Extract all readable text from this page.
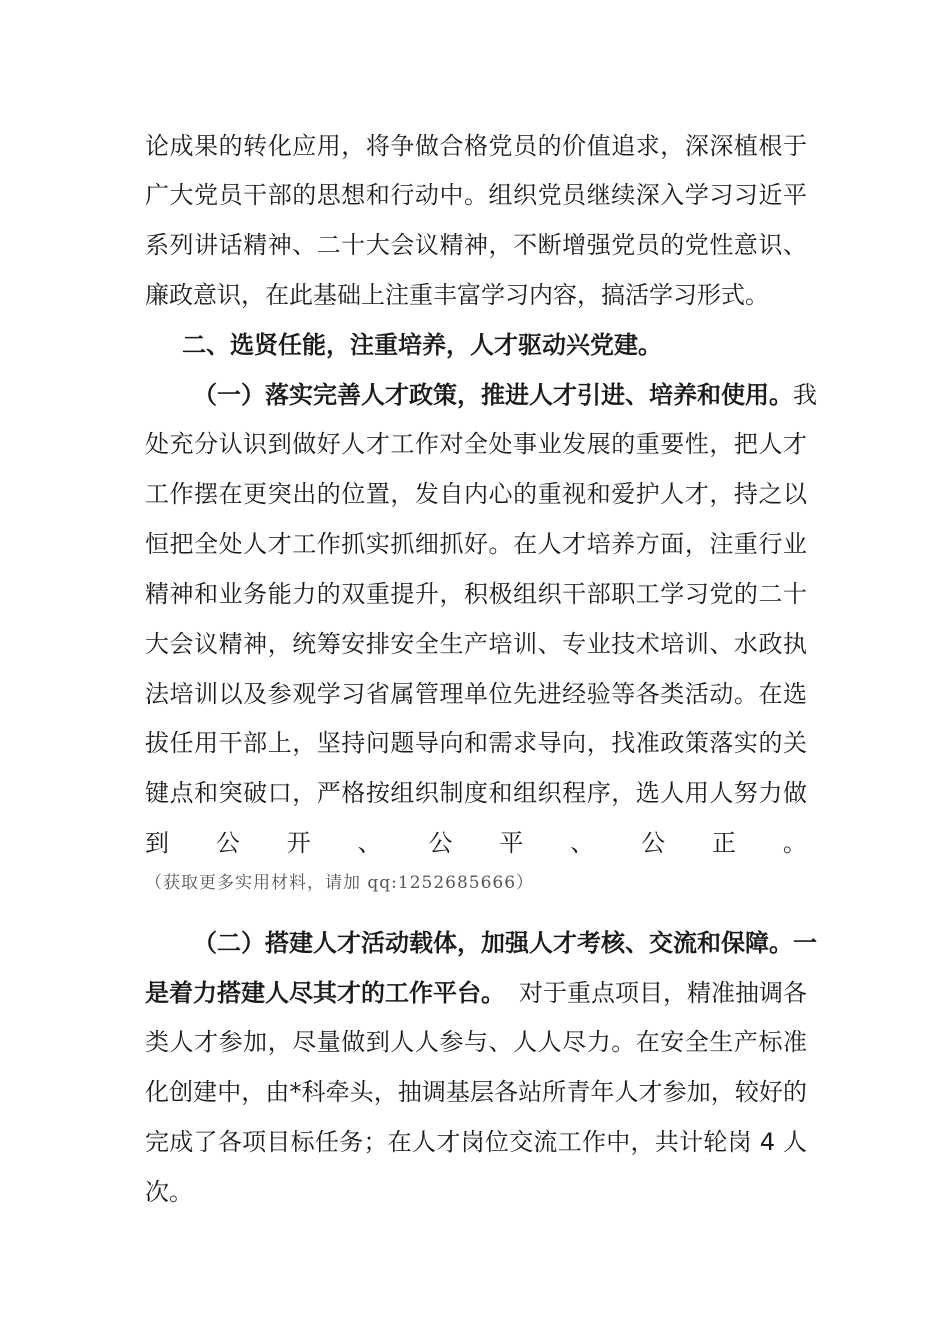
论成果的转化应用，将争做合格党员的价值追求，深深植根于
广大党员干部的思想和行动中。组织党员继续深入学习习近平
系列讲话精神、二十大会议精神，不断增强党员的党性意识、
廉政意识，在此基础上注重丰富学习内容，搞活学习形式。
二、选贤任能，注重培养，人才驱动兴党建。
（一）落实完善人才政策，推进人才引进、培养和使用。 我
处充分认识到做好人才工作对全处事业发展的重要性，把人才
工作摆在更突出的位置，发自内心的重视和爱护人才，持之以
恒把全处人才工作抓实抓细抓好。在人才培养方面，注重行业
精神和业务能力的双重提升，积极组织干部职工学习党的二十
大会议精神，统筹安排安全生产培训、专业技术培训、水政执
法培训以及参观学习省属管理单位先进经验等各类活动。在选
拔任用干部上，坚持问题导向和需求导向，找准政策落实的关
键点和突破口，严格按组织制度和组织程序，选人用人努力做
到 公 开 、 公 平 、 公 正 。
（获取更多实用材料，请加 qq:1252685666）
（二）搭建人才活动载体，加强人才考核、交流和保障。一
是着力搭建人尽其才的工作平台。 对于重点项目，精准抽调各
类人才参加，尽量做到人人参与、人人尽力。在安全生产标准
化创建中，由*科牵头，抽调基层各站所青年人才参加，较好的
完成了各项目标任务；在人才岗位交流工作中，共计轮岗 4 人
次。
